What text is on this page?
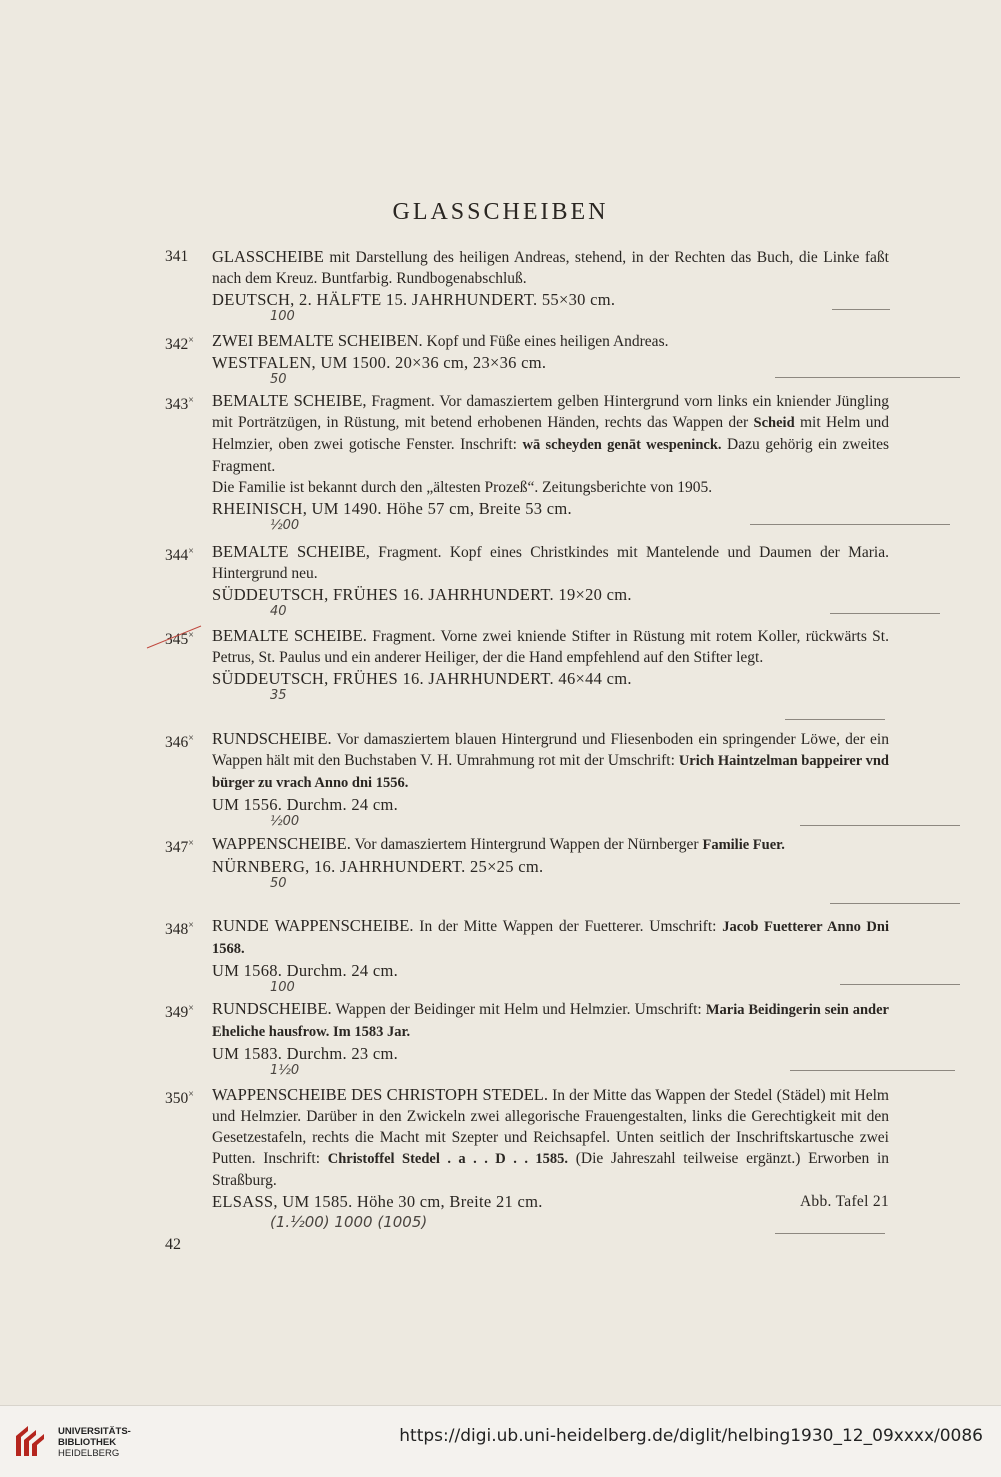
GLASSCHEIBEN
341	GLASSCHEIBE mit Darstellung des heiligen Andreas, stehend, in der Rechten das Buch, die Linke faßt nach dem Kreuz. Buntfarbig. Rundbogenabschluß.
DEUTSCH, 2. HÄLFTE 15. JAHRHUNDERT. 55×30 cm.
100
342×	ZWEI BEMALTE SCHEIBEN. Kopf und Füße eines heiligen Andreas.
WESTFALEN, UM 1500. 20×36 cm, 23×36 cm.
50
343×	BEMALTE SCHEIBE, Fragment. Vor damasziertem gelben Hintergrund vorn links ein kniender Jüngling mit Porträtzügen, in Rüstung, mit betend erhobenen Händen, rechts das Wappen der Scheid mit Helm und Helmzier, oben zwei gotische Fenster. Inschrift: wā scheyden genāt wespeninck. Dazu gehörig ein zweites Fragment.
Die Familie ist bekannt durch den „ältesten Prozeß“. Zeitungsberichte von 1905.
RHEINISCH, UM 1490. Höhe 57 cm, Breite 53 cm.
½00
344×	BEMALTE SCHEIBE, Fragment. Kopf eines Christkindes mit Mantelende und Daumen der Maria. Hintergrund neu.
SÜDDEUTSCH, FRÜHES 16. JAHRHUNDERT. 19×20 cm.
40
345×	BEMALTE SCHEIBE. Fragment. Vorne zwei kniende Stifter in Rüstung mit rotem Koller, rückwärts St. Petrus, St. Paulus und ein anderer Heiliger, der die Hand empfehlend auf den Stifter legt.
SÜDDEUTSCH, FRÜHES 16. JAHRHUNDERT. 46×44 cm.
35
346×	RUNDSCHEIBE. Vor damasziertem blauen Hintergrund und Fliesenboden ein springender Löwe, der ein Wappen hält mit den Buchstaben V. H. Umrahmung rot mit der Umschrift: Urich Haintzelman bappeirer vnd bürger zu vrach Anno dni 1556.
UM 1556. Durchm. 24 cm.
½00
347×	WAPPENSCHEIBE. Vor damasziertem Hintergrund Wappen der Nürnberger Familie Fuer.
NÜRNBERG, 16. JAHRHUNDERT. 25×25 cm.
50
348×	RUNDE WAPPENSCHEIBE. In der Mitte Wappen der Fuetterer. Umschrift: Jacob Fuetterer Anno Dni 1568.
UM 1568. Durchm. 24 cm.
100
349×	RUNDSCHEIBE. Wappen der Beidinger mit Helm und Helmzier. Umschrift: Maria Beidingerin sein ander Eheliche hausfrow. Im 1583 Jar.
UM 1583. Durchm. 23 cm.
1½0
350×	WAPPENSCHEIBE DES CHRISTOPH STEDEL. In der Mitte das Wappen der Stedel (Städel) mit Helm und Helmzier. Darüber in den Zwickeln zwei allegorische Frauengestalten, links die Gerechtigkeit mit den Gesetzestafeln, rechts die Macht mit Szepter und Reichsapfel. Unten seitlich der Inschriftskartusche zwei Putten. Inschrift: Christoffel Stedel . a . . D . . 1585. (Die Jahreszahl teilweise ergänzt.) Erworben in Straßburg.
ELSASS, UM 1585. Höhe 30 cm, Breite 21 cm.	Abb. Tafel 21
(1.½00) 1000 (1005)
42
UNIVERSITÄTS-
BIBLIOTHEK
HEIDELBERG
https://digi.ub.uni-heidelberg.de/diglit/helbing1930_12_09xxxx/0086
